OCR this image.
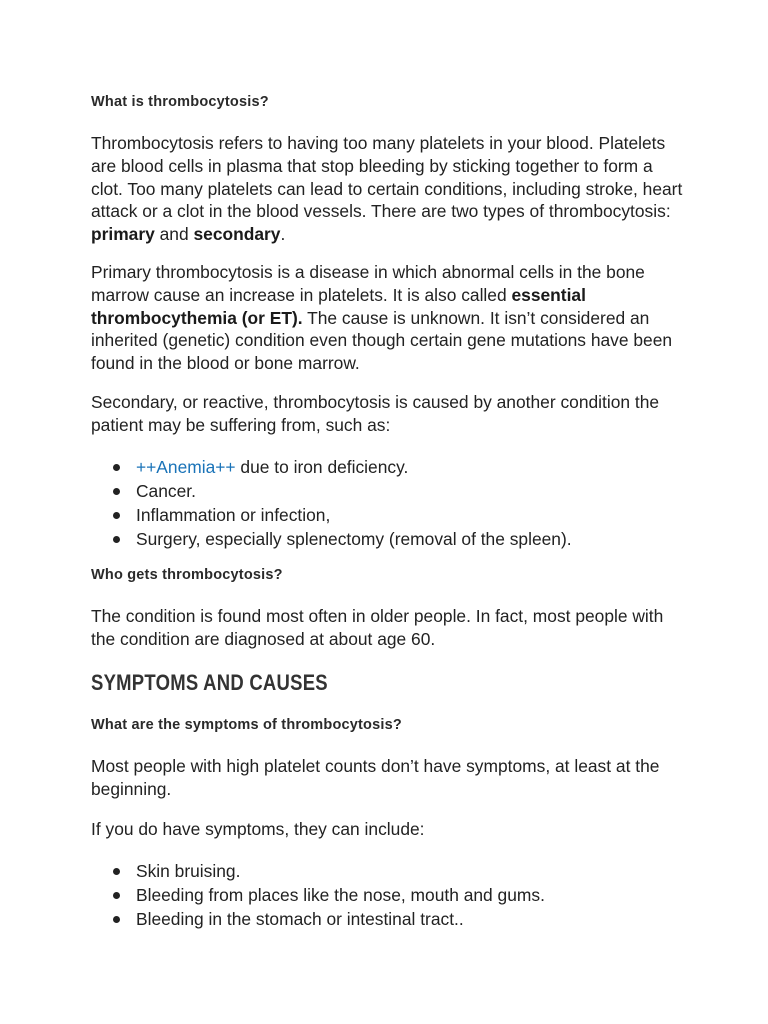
What is thrombocytosis?

Thrombocytosis refers to having too many platelets in your blood. Platelets are blood cells in plasma that stop bleeding by sticking together to form a clot. Too many platelets can lead to certain conditions, including stroke, heart attack or a clot in the blood vessels. There are two types of thrombocytosis: primary and secondary.

Primary thrombocytosis is a disease in which abnormal cells in the bone marrow cause an increase in platelets. It is also called essential thrombocythemia (or ET). The cause is unknown. It isn’t considered an inherited (genetic) condition even though certain gene mutations have been found in the blood or bone marrow.

Secondary, or reactive, thrombocytosis is caused by another condition the patient may be suffering from, such as:

++Anemia++ due to iron deficiency.
Cancer.
Inflammation or infection,
Surgery, especially splenectomy (removal of the spleen).
Who gets thrombocytosis?

The condition is found most often in older people. In fact, most people with the condition are diagnosed at about age 60.

SYMPTOMS AND CAUSES
What are the symptoms of thrombocytosis?

Most people with high platelet counts don’t have symptoms, at least at the beginning.

If you do have symptoms, they can include:

Skin bruising.
Bleeding from places like the nose, mouth and gums.
Bleeding in the stomach or intestinal tract..
